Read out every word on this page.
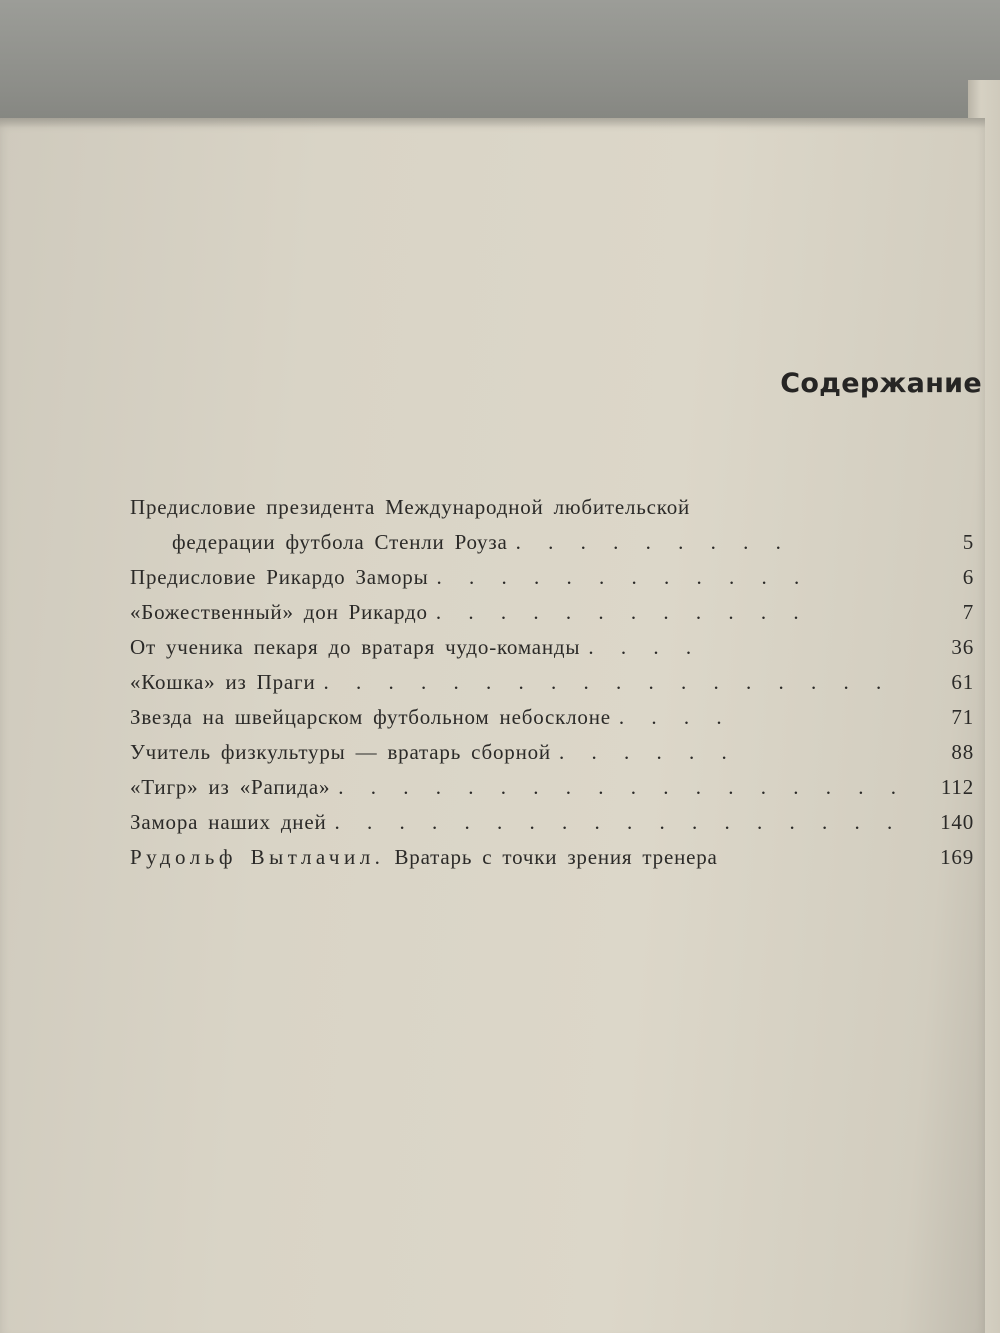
Содержание
Предисловие президента Международной любительской
федерации футбола Стенли Роуза . . . . . . . . .	5
Предисловие Рикардо Заморы . . . . . . . . . . . .	6
«Божественный» дон Рикардо . . . . . . . . . . . .	7
От ученика пекаря до вратаря чудо-команды . . . .	36
«Кошка» из Праги . . . . . . . . . . . . . . . . . .	61
Звезда на швейцарском футбольном небосклоне . . . .	71
Учитель физкультуры — вратарь сборной . . . . . .	88
«Тигр» из «Рапида» . . . . . . . . . . . . . . . . . . 112
Замора наших дней . . . . . . . . . . . . . . . . . . 140
Рудольф Вытлачил. Вратарь с точки зрения тренера	169
